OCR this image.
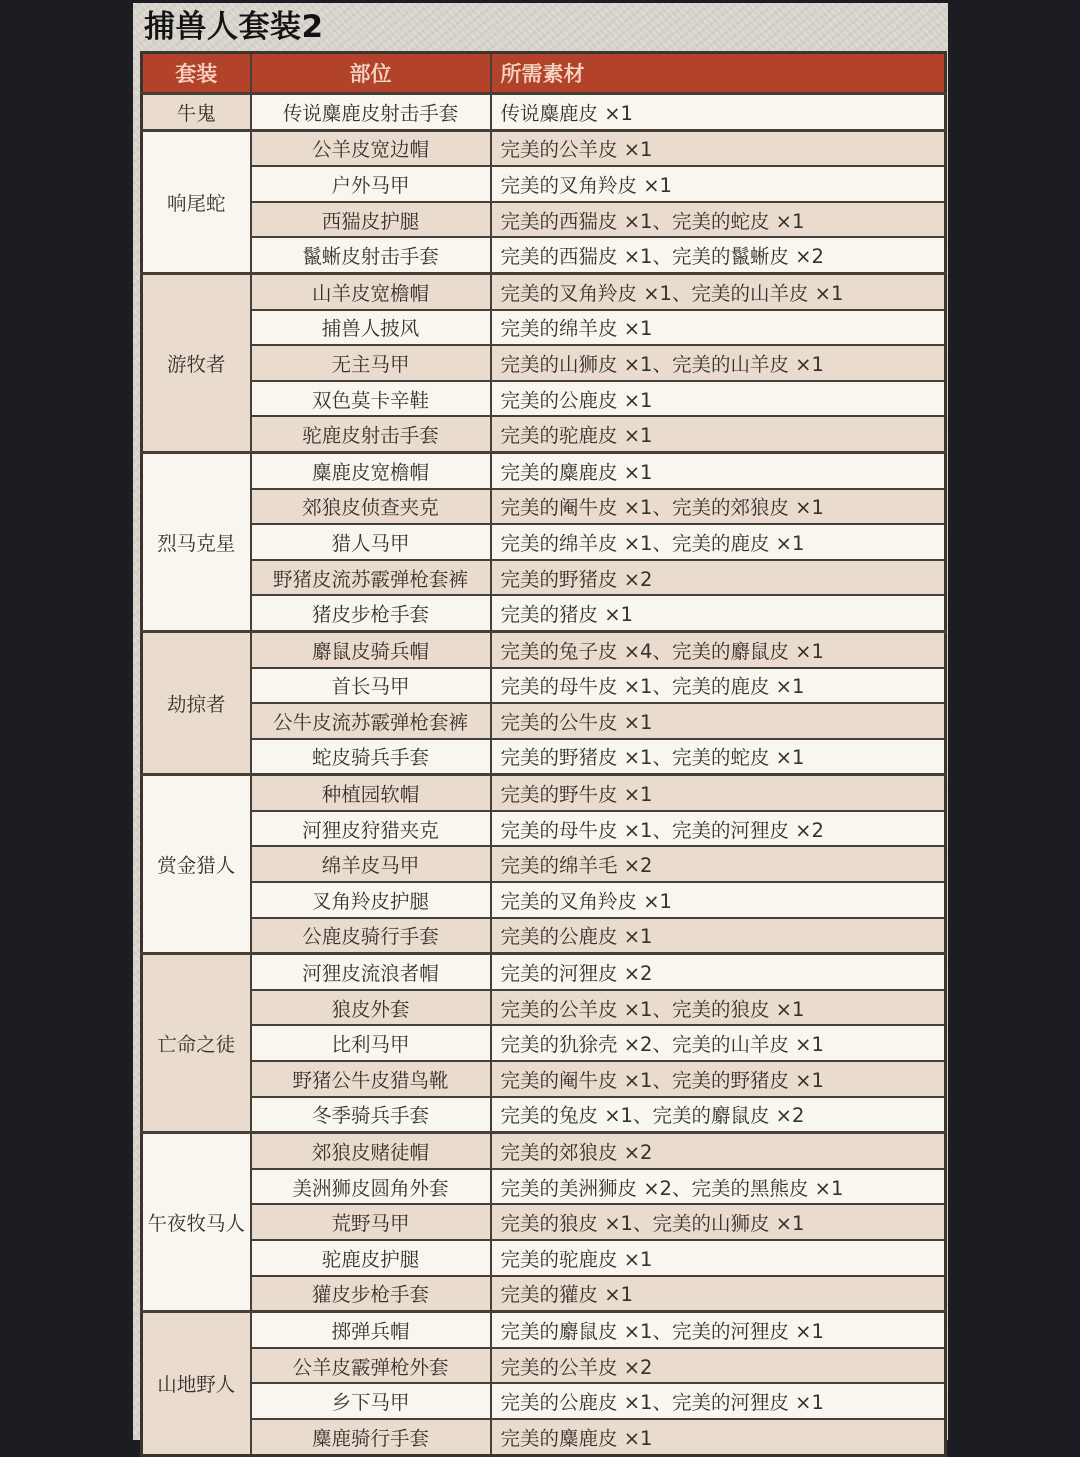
捕兽人套装2
套装	部位	所需素材
牛鬼	传说麋鹿皮射击手套	传说麋鹿皮 ×1
响尾蛇	公羊皮宽边帽	完美的公羊皮 ×1
	户外马甲	完美的叉角羚皮 ×1
	西猯皮护腿	完美的西猯皮 ×1、完美的蛇皮 ×1
	鬣蜥皮射击手套	完美的西猯皮 ×1、完美的鬣蜥皮 ×2
游牧者	山羊皮宽檐帽	完美的叉角羚皮 ×1、完美的山羊皮 ×1
	捕兽人披风	完美的绵羊皮 ×1
	无主马甲	完美的山狮皮 ×1、完美的山羊皮 ×1
	双色莫卡辛鞋	完美的公鹿皮 ×1
	驼鹿皮射击手套	完美的驼鹿皮 ×1
烈马克星	麋鹿皮宽檐帽	完美的麋鹿皮 ×1
	郊狼皮侦查夹克	完美的阉牛皮 ×1、完美的郊狼皮 ×1
	猎人马甲	完美的绵羊皮 ×1、完美的鹿皮 ×1
	野猪皮流苏霰弹枪套裤	完美的野猪皮 ×2
	猪皮步枪手套	完美的猪皮 ×1
劫掠者	麝鼠皮骑兵帽	完美的兔子皮 ×4、完美的麝鼠皮 ×1
	首长马甲	完美的母牛皮 ×1、完美的鹿皮 ×1
	公牛皮流苏霰弹枪套裤	完美的公牛皮 ×1
	蛇皮骑兵手套	完美的野猪皮 ×1、完美的蛇皮 ×1
赏金猎人	种植园软帽	完美的野牛皮 ×1
	河狸皮狩猎夹克	完美的母牛皮 ×1、完美的河狸皮 ×2
	绵羊皮马甲	完美的绵羊毛 ×2
	叉角羚皮护腿	完美的叉角羚皮 ×1
	公鹿皮骑行手套	完美的公鹿皮 ×1
亡命之徒	河狸皮流浪者帽	完美的河狸皮 ×2
	狼皮外套	完美的公羊皮 ×1、完美的狼皮 ×1
	比利马甲	完美的犰狳壳 ×2、完美的山羊皮 ×1
	野猪公牛皮猎鸟靴	完美的阉牛皮 ×1、完美的野猪皮 ×1
	冬季骑兵手套	完美的兔皮 ×1、完美的麝鼠皮 ×2
午夜牧马人	郊狼皮赌徒帽	完美的郊狼皮 ×2
	美洲狮皮圆角外套	完美的美洲狮皮 ×2、完美的黑熊皮 ×1
	荒野马甲	完美的狼皮 ×1、完美的山狮皮 ×1
	驼鹿皮护腿	完美的驼鹿皮 ×1
	獾皮步枪手套	完美的獾皮 ×1
山地野人	掷弹兵帽	完美的麝鼠皮 ×1、完美的河狸皮 ×1
	公羊皮霰弹枪外套	完美的公羊皮 ×2
	乡下马甲	完美的公鹿皮 ×1、完美的河狸皮 ×1
	麋鹿骑行手套	完美的麋鹿皮 ×1
